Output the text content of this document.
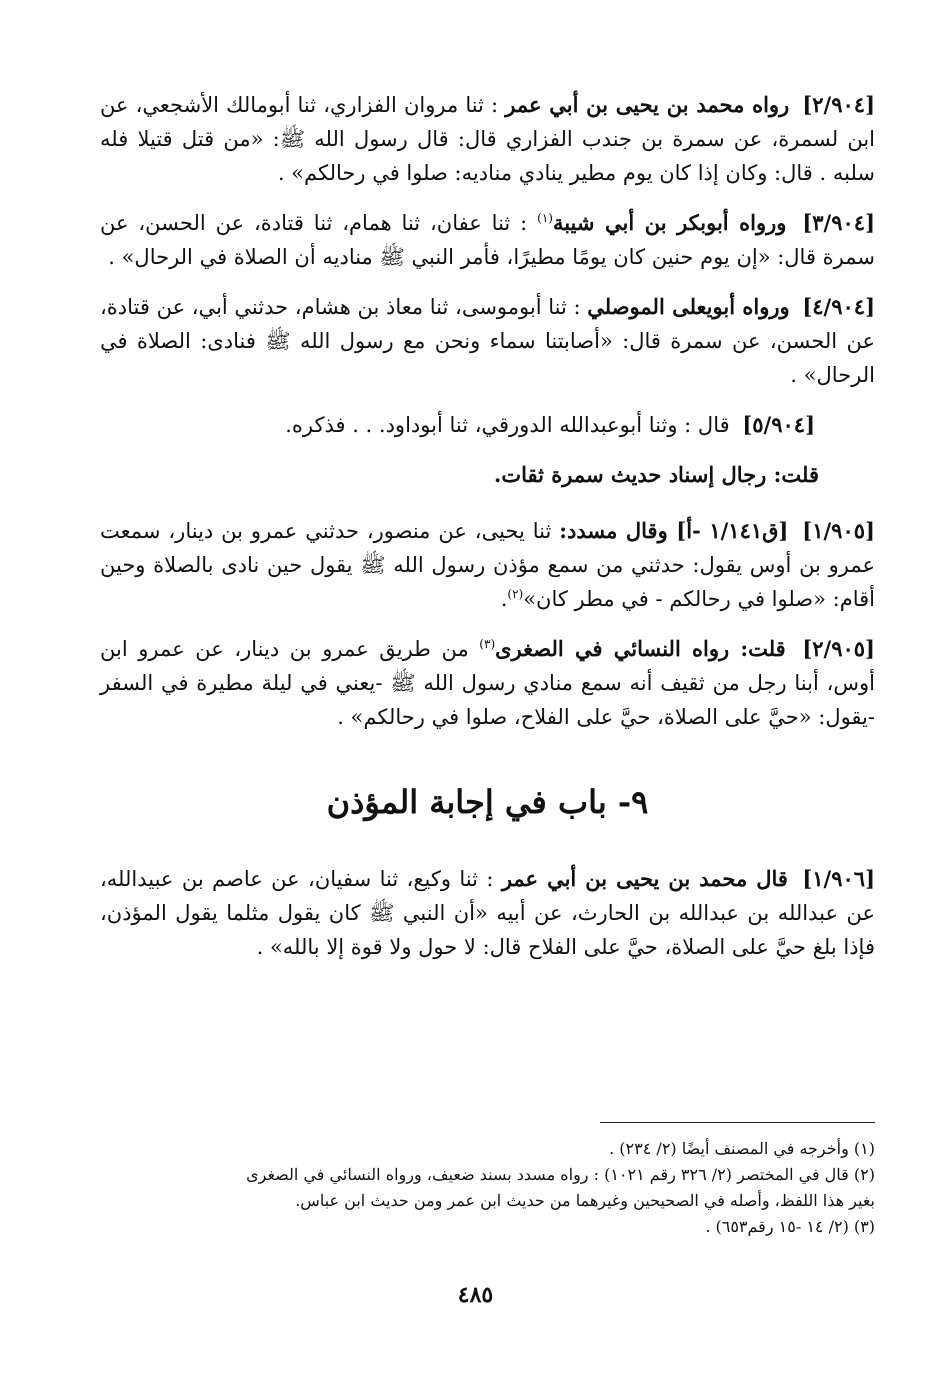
[٢/٩٠٤] رواه محمد بن يحيى بن أبي عمر : ثنا مروان الفزاري، ثنا أبومالك الأشجعي، عن ابن لسمرة، عن سمرة بن جندب الفزاري قال: قال رسول الله ﷺ: «من قتل قتيلا فله سلبه . قال: وكان إذا كان يوم مطير ينادي مناديه: صلوا في رحالكم» .

[٣/٩٠٤] ورواه أبوبكر بن أبي شيبة$^{(١)}$ : ثنا عفان، ثنا همام، ثنا قتادة، عن الحسن، عن سمرة قال: «إن يوم حنين كان يومًا مطيرًا، فأمر النبي ﷺ مناديه أن الصلاة في الرحال» .

[٤/٩٠٤] ورواه أبويعلى الموصلي : ثنا أبوموسى، ثنا معاذ بن هشام، حدثني أبي، عن قتادة، عن الحسن، عن سمرة قال: «أصابتنا سماء ونحن مع رسول الله ﷺ فنادى: الصلاة في الرحال» .

[٥/٩٠٤] قال : وثنا أبوعبدالله الدورقي، ثنا أبوداود. . . فذكره.

قلت: رجال إسناد حديث سمرة ثقات.

[١/٩٠٥] [ق١/١٤١ -أ] وقال مسدد: ثنا يحيى، عن منصور، حدثني عمرو بن دينار، سمعت عمرو بن أوس يقول: حدثني من سمع مؤذن رسول الله ﷺ يقول حين نادى بالصلاة وحين أقام: «صلوا في رحالكم - في مطر كان»$^{(٢)}$.

[٢/٩٠٥] قلت: رواه النسائي في الصغرى$^{(٣)}$ من طريق عمرو بن دينار، عن عمرو ابن أوس، أبنا رجل من ثقيف أنه سمع منادي رسول الله ﷺ -يعني في ليلة مطيرة في السفر -يقول: «حيَّ على الصلاة، حيَّ على الفلاح، صلوا في رحالكم» .

٩- باب في إجابة المؤذن

[١/٩٠٦] قال محمد بن يحيى بن أبي عمر : ثنا وكيع، ثنا سفيان، عن عاصم بن عبيدالله، عن عبدالله بن عبدالله بن الحارث، عن أبيه «أن النبي ﷺ كان يقول مثلما يقول المؤذن، فإذا بلغ حيَّ على الصلاة، حيَّ على الفلاح قال: لا حول ولا قوة إلا بالله» .

(١) وأخرجه في المصنف أيضًا (٢/ ٢٣٤) .

(٢) قال في المختصر (٢/ ٣٢٦ رقم ١٠٢١) : رواه مسدد بسند ضعيف، ورواه النسائي في الصغرى

بغير هذا اللفظ، وأصله في الصحيحين وغيرهما من حديث ابن عمر ومن حديث ابن عباس.

(٣) (٢/ ١٤ -١٥ رقم٦٥٣) .

٤٨٥
